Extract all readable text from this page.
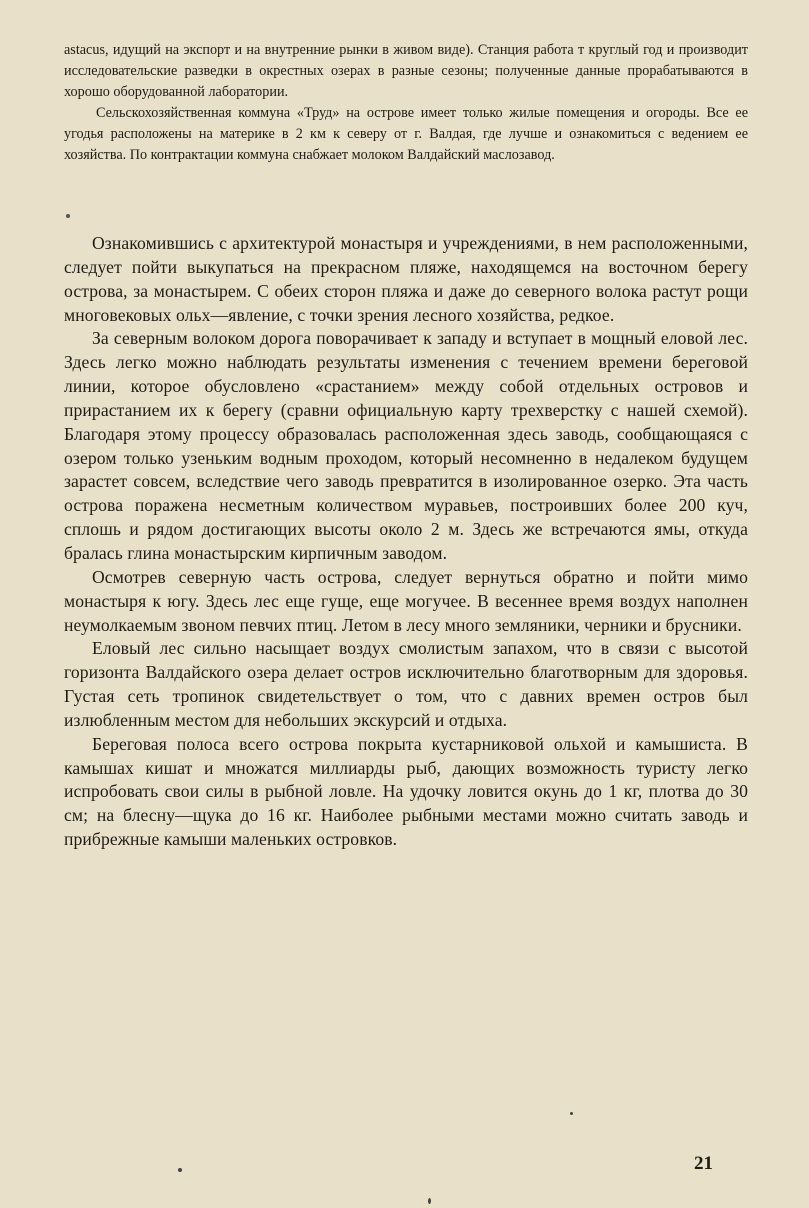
astacus, идущий на экспорт и на внутренние рынки в живом виде). Станция работа т круглый год и производит исследовательские разведки в окрестных озерах в разные сезоны; полученные данные прорабатываются в хорошо оборудованной лаборатории.

Сельскохозяйственная коммуна «Труд» на острове имеет только жилые помещения и огороды. Все ее угодья расположены на материке в 2 км к северу от г. Валдая, где лучше и ознакомиться с ведением ее хозяйства. По контрактации коммуна снабжает молоком Валдайский маслозавод.

Ознакомившись с архитектурой монастыря и учреждениями, в нем расположенными, следует пойти выкупаться на прекрасном пляже, находящемся на восточном берегу острова, за монастырем. С обеих сторон пляжа и даже до северного волока растут рощи многовековых ольх—явление, с точки зрения лесного хозяйства, редкое.

За северным волоком дорога поворачивает к западу и вступает в мощный еловой лес. Здесь легко можно наблюдать результаты изменения с течением времени береговой линии, которое обусловлено «срастанием» между собой отдельных островов и прирастанием их к берегу (сравни официальную карту трехверстку с нашей схемой). Благодаря этому процессу образовалась расположенная здесь заводь, сообщающаяся с озером только узеньким водным проходом, который несомненно в недалеком будущем зарастет совсем, вследствие чего заводь превратится в изолированное озерко. Эта часть острова поражена несметным количеством муравьев, построивших более 200 куч, сплошь и рядом достигающих высоты около 2 м. Здесь же встречаются ямы, откуда бралась глина монастырским кирпичным заводом.

Осмотрев северную часть острова, следует вернуться обратно и пойти мимо монастыря к югу. Здесь лес еще гуще, еще могучее. В весеннее время воздух наполнен неумолкаемым звоном певчих птиц. Летом в лесу много земляники, черники и брусники.

Еловый лес сильно насыщает воздух смолистым запахом, что в связи с высотой горизонта Валдайского озера делает остров исключительно благотворным для здоровья. Густая сеть тропинок свидетельствует о том, что с давних времен остров был излюбленным местом для небольших экскурсий и отдыха.

Береговая полоса всего острова покрыта кустарниковой ольхой и камышиста. В камышах кишат и множатся миллиарды рыб, дающих возможность туристу легко испробовать свои силы в рыбной ловле. На удочку ловится окунь до 1 кг, плотва до 30 см; на блесну—щука до 16 кг. Наиболее рыбными местами можно считать заводь и прибрежные камыши маленьких островков.

21
